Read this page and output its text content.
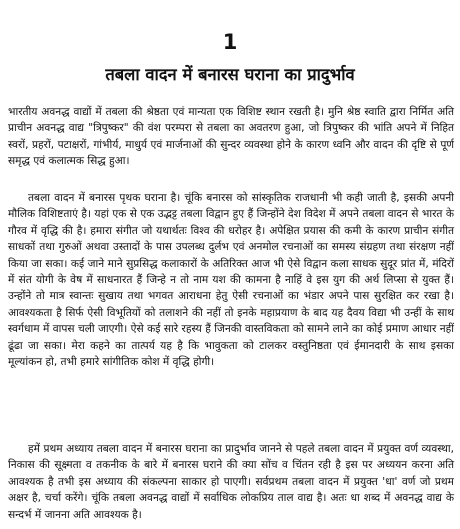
1
तबला वादन में बनारस घराना का प्रादुर्भाव

भारतीय अवनद्ध वाद्यों में तबला की श्रेष्ठता एवं मान्यता एक विशिष्ट स्थान रखती है। मुनि श्रेष्ठ स्वाति द्वारा निर्मित अति प्राचीन अवनद्ध वाद्य "त्रिपुष्कर" की वंश परम्परा से तबला का अवतरण हुआ, जो त्रिपुष्कर की भांति अपने में निहित स्वरों, प्रहरों, पटाक्षरों, गांभीर्य, माधुर्य एवं मार्जनाओं की सुन्दर व्यवस्था होने के कारण ध्वनि और वादन की दृष्टि से पूर्ण समृद्ध एवं कलात्मक सिद्ध हुआ।

तबला वादन में बनारस पृथक घराना है। चूंकि बनारस को सांस्कृतिक राजधानी भी कही जाती है, इसकी अपनी मौलिक विशिष्टताएं है। यहां एक से एक उद्भट्ट तबला विद्वान हुए हैं जिन्होंने देश विदेश में अपने तबला वादन से भारत के गौरव में वृद्धि की है। हमारा संगीत जो यथार्थतः विश्व की धरोहर है। अपेक्षित प्रयास की कमी के कारण प्राचीन संगीत साधकों तथा गुरुओं अथवा उस्तादों के पास उपलब्ध दुर्लभ एवं अनमोल रचनाओं का समस्य संग्रहण तथा संरक्षण नहीं किया जा सका। कई जाने माने सुप्रसिद्ध कलाकारों के अतिरिक्त आज भी ऐसे विद्वान कला साधक सुदूर प्रांत में, मंदिरों में संत योगी के वेष में साधनारत हैं जिन्हे न तो नाम यश की कामना है नाहिं वे इस युग की अर्थ लिप्सा से युक्त हैं। उन्होंने तो मात्र स्वान्तः सुखाय तथा भगवत आराधना हेतु ऐसी रचनाओं का भंडार अपने पास सुरक्षित कर रखा है। आवश्यकता है सिर्फ ऐसी विभूतियों को तलाशने की नहीं तो इनके महाप्रयाण के बाद यह दैवय विद्या भी उन्हीं के साथ स्वर्गधाम में वापस चली जाएगी। ऐसे कई सारे रहस्य हैं जिनकी वास्तविकता को सामने लाने का कोई प्रमाण आधार नहीं ढूंढा जा सका। मेरा कहने का तात्पर्य यह है कि भावुकता को टालकर वस्तुनिष्ठता एवं ईमानदारी के साथ इसका मूल्यांकन हो, तभी हमारे सांगीतिक कोश में वृद्धि होगी।

हमें प्रथम अध्याय तबला वादन में बनारस घराना का प्रादुर्भाव जानने से पहले तबला वादन में प्रयुक्त वर्ण व्यवस्था, निकास की सूक्ष्मता व तकनीक के बारे में बनारस घराने की क्या सोंच व चिंतन रही है इस पर अध्ययन करना अति आवश्यक है तभी इस अध्याय की संकल्पना साकार हो पाएगी। सर्वप्रथम तबला वादन में प्रयुक्त 'धा' वर्ण जो प्रथम अक्षर है, चर्चा करेंगे। चूंकि तबला अवनद्ध वाद्यों में सर्वाधिक लोकप्रिय ताल वाद्य है। अतः धा शब्द में अवनद्ध वाद्य के सन्दर्भ में जानना अति आवश्यक है।
